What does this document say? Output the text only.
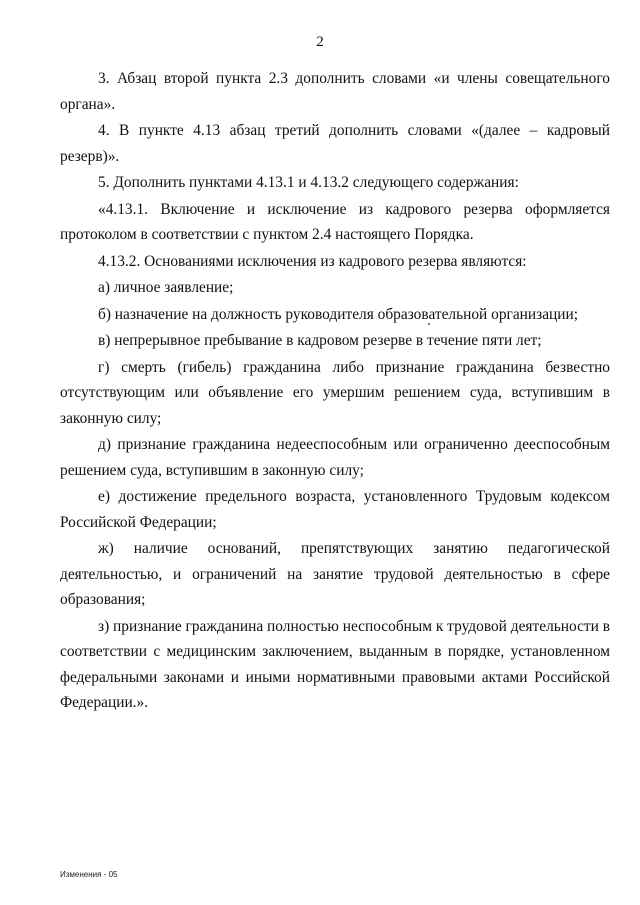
2

3. Абзац второй пункта 2.3 дополнить словами «и члены совещательного органа».

4. В пункте 4.13 абзац третий дополнить словами «(далее – кадровый резерв)».

5. Дополнить пунктами 4.13.1 и 4.13.2 следующего содержания:

«4.13.1. Включение и исключение из кадрового резерва оформляется протоколом в соответствии с пунктом 2.4 настоящего Порядка.

4.13.2. Основаниями исключения из кадрового резерва являются:

а) личное заявление;

б) назначение на должность руководителя образовательной организации;

в) непрерывное пребывание в кадровом резерве в течение пяти лет;

г) смерть (гибель) гражданина либо признание гражданина безвестно отсутствующим или объявление его умершим решением суда, вступившим в законную силу;

д) признание гражданина недееспособным или ограниченно дееспособным решением суда, вступившим в законную силу;

е) достижение предельного возраста, установленного Трудовым кодексом Российской Федерации;

ж) наличие оснований, препятствующих занятию педагогической деятельностью, и ограничений на занятие трудовой деятельностью в сфере образования;

з) признание гражданина полностью неспособным к трудовой деятельности в соответствии с медицинским заключением, выданным в порядке, установленном федеральными законами и иными нормативными правовыми актами Российской Федерации.».

Изменения - 05
